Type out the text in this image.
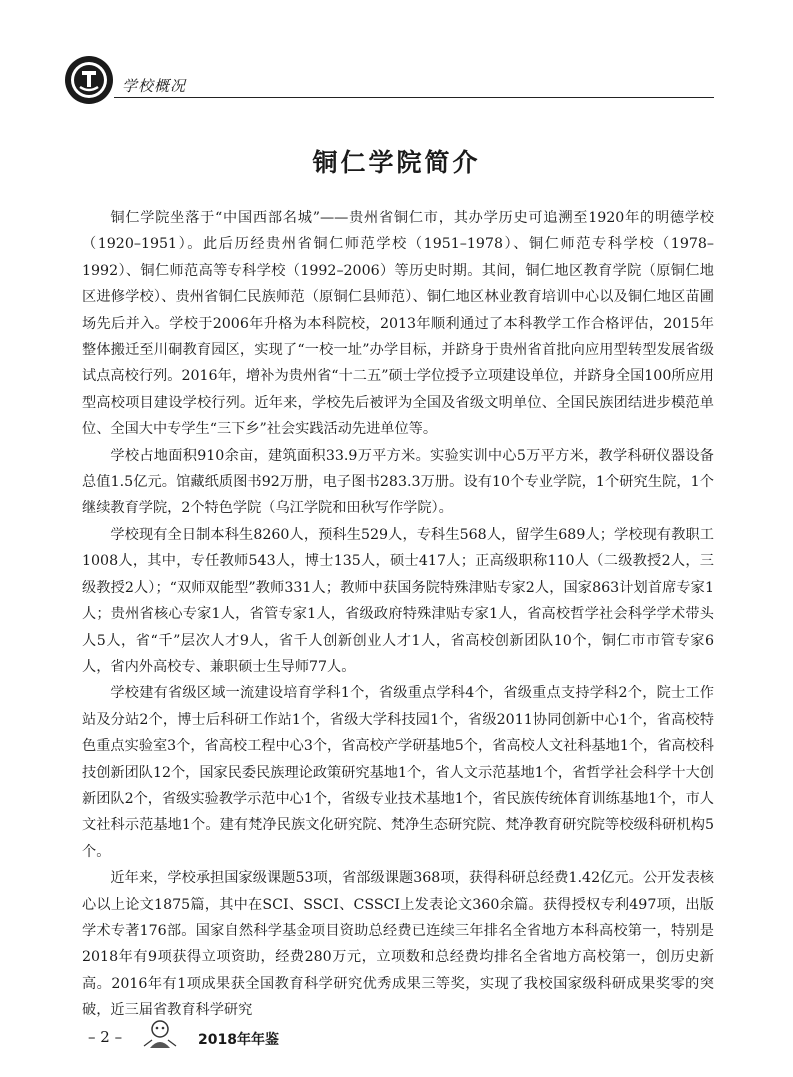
学校概况
铜仁学院简介

铜仁学院坐落于“中国西部名城”——贵州省铜仁市，其办学历史可追溯至1920年的明德学校（1920–1951）。此后历经贵州省铜仁师范学校（1951–1978）、铜仁师范专科学校（1978–1992）、铜仁师范高等专科学校（1992–2006）等历史时期。其间，铜仁地区教育学院（原铜仁地区进修学校）、贵州省铜仁民族师范（原铜仁县师范）、铜仁地区林业教育培训中心以及铜仁地区苗圃场先后并入。学校于2006年升格为本科院校，2013年顺利通过了本科教学工作合格评估，2015年整体搬迁至川硐教育园区，实现了“一校一址”办学目标，并跻身于贵州省首批向应用型转型发展省级试点高校行列。2016年，增补为贵州省“十二五”硕士学位授予立项建设单位，并跻身全国100所应用型高校项目建设学校行列。近年来，学校先后被评为全国及省级文明单位、全国民族团结进步模范单位、全国大中专学生“三下乡”社会实践活动先进单位等。

学校占地面积910余亩，建筑面积33.9万平方米。实验实训中心5万平方米，教学科研仪器设备总值1.5亿元。馆藏纸质图书92万册，电子图书283.3万册。设有10个专业学院，1个研究生院，1个继续教育学院，2个特色学院（乌江学院和田秋写作学院）。

学校现有全日制本科生8260人，预科生529人，专科生568人，留学生689人；学校现有教职工1008人，其中，专任教师543人，博士135人，硕士417人；正高级职称110人（二级教授2人，三级教授2人）；“双师双能型”教师331人；教师中获国务院特殊津贴专家2人，国家863计划首席专家1人；贵州省核心专家1人，省管专家1人，省级政府特殊津贴专家1人，省高校哲学社会科学学术带头人5人，省“千”层次人才9人，省千人创新创业人才1人，省高校创新团队10个，铜仁市市管专家6人，省内外高校专、兼职硕士生导师77人。

学校建有省级区域一流建设培育学科1个，省级重点学科4个，省级重点支持学科2个，院士工作站及分站2个，博士后科研工作站1个，省级大学科技园1个，省级2011协同创新中心1个，省高校特色重点实验室3个，省高校工程中心3个，省高校产学研基地5个，省高校人文社科基地1个，省高校科技创新团队12个，国家民委民族理论政策研究基地1个，省人文示范基地1个，省哲学社会科学十大创新团队2个，省级实验教学示范中心1个，省级专业技术基地1个，省民族传统体育训练基地1个，市人文社科示范基地1个。建有梵净民族文化研究院、梵净生态研究院、梵净教育研究院等校级科研机构5个。

近年来，学校承担国家级课题53项，省部级课题368项，获得科研总经费1.42亿元。公开发表核心以上论文1875篇，其中在SCI、SSCI、CSSCI上发表论文360余篇。获得授权专利497项，出版学术专著176部。国家自然科学基金项目资助总经费已连续三年排名全省地方本科高校第一，特别是2018年有9项获得立项资助，经费280万元，立项数和总经费均排名全省地方高校第一，创历史新高。2016年有1项成果获全国教育科学研究优秀成果三等奖，实现了我校国家级科研成果奖零的突破，近三届省教育科学研究

– 2 –	2018年年鉴
